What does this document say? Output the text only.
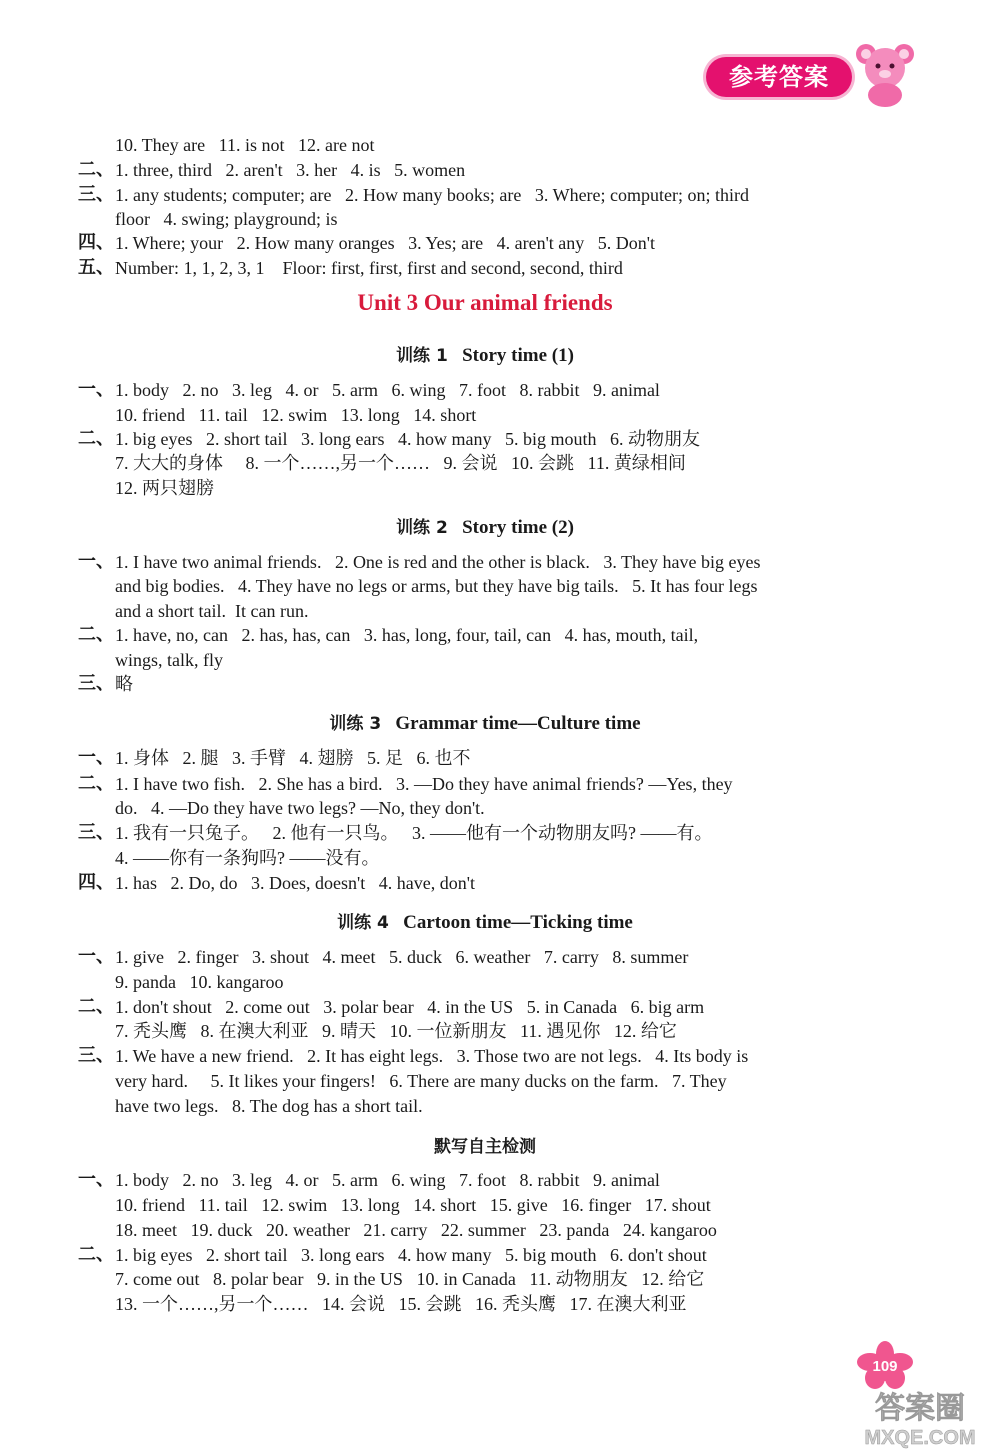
参考答案
10. They are   11. is not   12. are not
二、 1. three, third   2. aren't   3. her   4. is   5. women
三、 1. any students; computer; are   2. How many books; are   3. Where; computer; on; third
floor   4. swing; playground; is
四、 1. Where; your   2. How many oranges   3. Yes; are   4. aren't any   5. Don't
五、 Number: 1, 1, 2, 3, 1    Floor: first, first, first and second, second, third
Unit 3 Our animal friends
训练 1 Story time (1)
训练 2 Story time (2)
训练 3 Grammar time—Culture time
训练 4 Cartoon time—Ticking time
默写自主检测
一、 1. body   2. no   3. leg   4. or   5. arm   6. wing   7. foot   8. rabbit   9. animal
10. friend   11. tail   12. swim   13. long   14. short
二、 1. big eyes   2. short tail   3. long ears   4. how many   5. big mouth   6. 动物朋友
7. 大大的身体     8. 一个……,另一个……   9. 会说   10. 会跳   11. 黄绿相间
12. 两只翅膀
一、 1. I have two animal friends.   2. One is red and the other is black.   3. They have big eyes
and big bodies.   4. They have no legs or arms, but they have big tails.   5. It has four legs
and a short tail.  It can run.
二、 1. have, no, can   2. has, has, can   3. has, long, four, tail, can   4. has, mouth, tail,
wings, talk, fly
三、 略
一、 1. 身体   2. 腿   3. 手臂   4. 翅膀   5. 足   6. 也不
二、 1. I have two fish.   2. She has a bird.   3. —Do they have animal friends? —Yes, they
do.   4. —Do they have two legs? —No, they don't.
三、 1. 我有一只兔子。   2. 他有一只鸟。   3. ——他有一个动物朋友吗? ——有。
4. ——你有一条狗吗? ——没有。
四、 1. has   2. Do, do   3. Does, doesn't   4. have, don't
一、 1. give   2. finger   3. shout   4. meet   5. duck   6. weather   7. carry   8. summer
9. panda   10. kangaroo
二、 1. don't shout   2. come out   3. polar bear   4. in the US   5. in Canada   6. big arm
7. 秃头鹰   8. 在澳大利亚   9. 晴天   10. 一位新朋友   11. 遇见你   12. 给它
三、 1. We have a new friend.   2. It has eight legs.   3. Those two are not legs.   4. Its body is
very hard.     5. It likes your fingers!   6. There are many ducks on the farm.   7. They
have two legs.   8. The dog has a short tail.
一、 1. body   2. no   3. leg   4. or   5. arm   6. wing   7. foot   8. rabbit   9. animal
10. friend   11. tail   12. swim   13. long   14. short   15. give   16. finger   17. shout
18. meet   19. duck   20. weather   21. carry   22. summer   23. panda   24. kangaroo
二、 1. big eyes   2. short tail   3. long ears   4. how many   5. big mouth   6. don't shout
7. come out   8. polar bear   9. in the US   10. in Canada   11. 动物朋友   12. 给它
13. 一个……,另一个……   14. 会说   15. 会跳   16. 秃头鹰   17. 在澳大利亚
109
答案圈
MXQE.COM
